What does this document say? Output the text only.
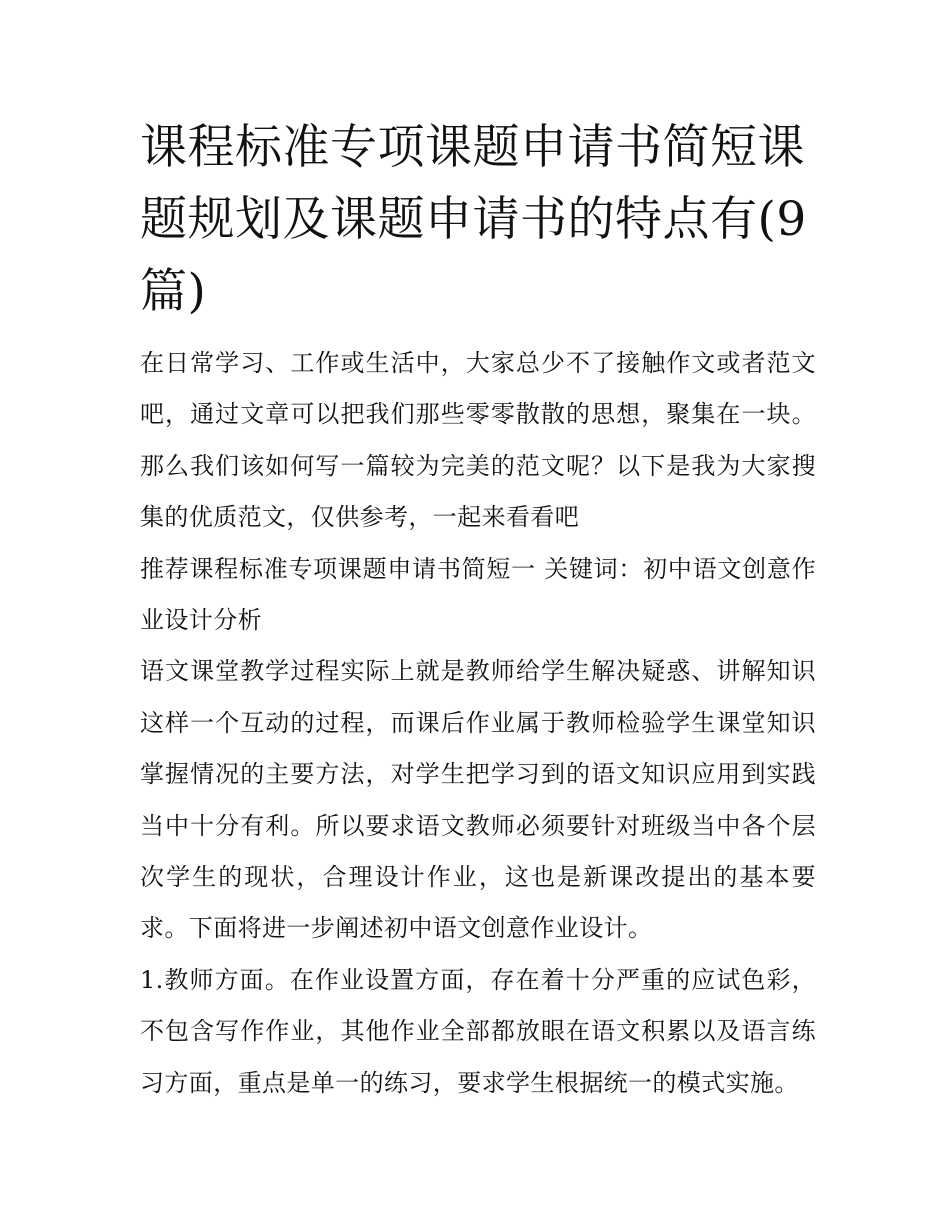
课程标准专项课题申请书简短课题规划及课题申请书的特点有(9篇)

在日常学习、工作或生活中，大家总少不了接触作文或者范文吧，通过文章可以把我们那些零零散散的思想，聚集在一块。那么我们该如何写一篇较为完美的范文呢？以下是我为大家搜集的优质范文，仅供参考，一起来看看吧

推荐课程标准专项课题申请书简短一 关键词：初中语文创意作业设计分析

语文课堂教学过程实际上就是教师给学生解决疑惑、讲解知识这样一个互动的过程，而课后作业属于教师检验学生课堂知识掌握情况的主要方法，对学生把学习到的语文知识应用到实践当中十分有利。所以要求语文教师必须要针对班级当中各个层次学生的现状，合理设计作业，这也是新课改提出的基本要求。下面将进一步阐述初中语文创意作业设计。

1.教师方面。在作业设置方面，存在着十分严重的应试色彩，不包含写作作业，其他作业全部都放眼在语文积累以及语言练习方面，重点是单一的练习，要求学生根据统一的模式实施。
